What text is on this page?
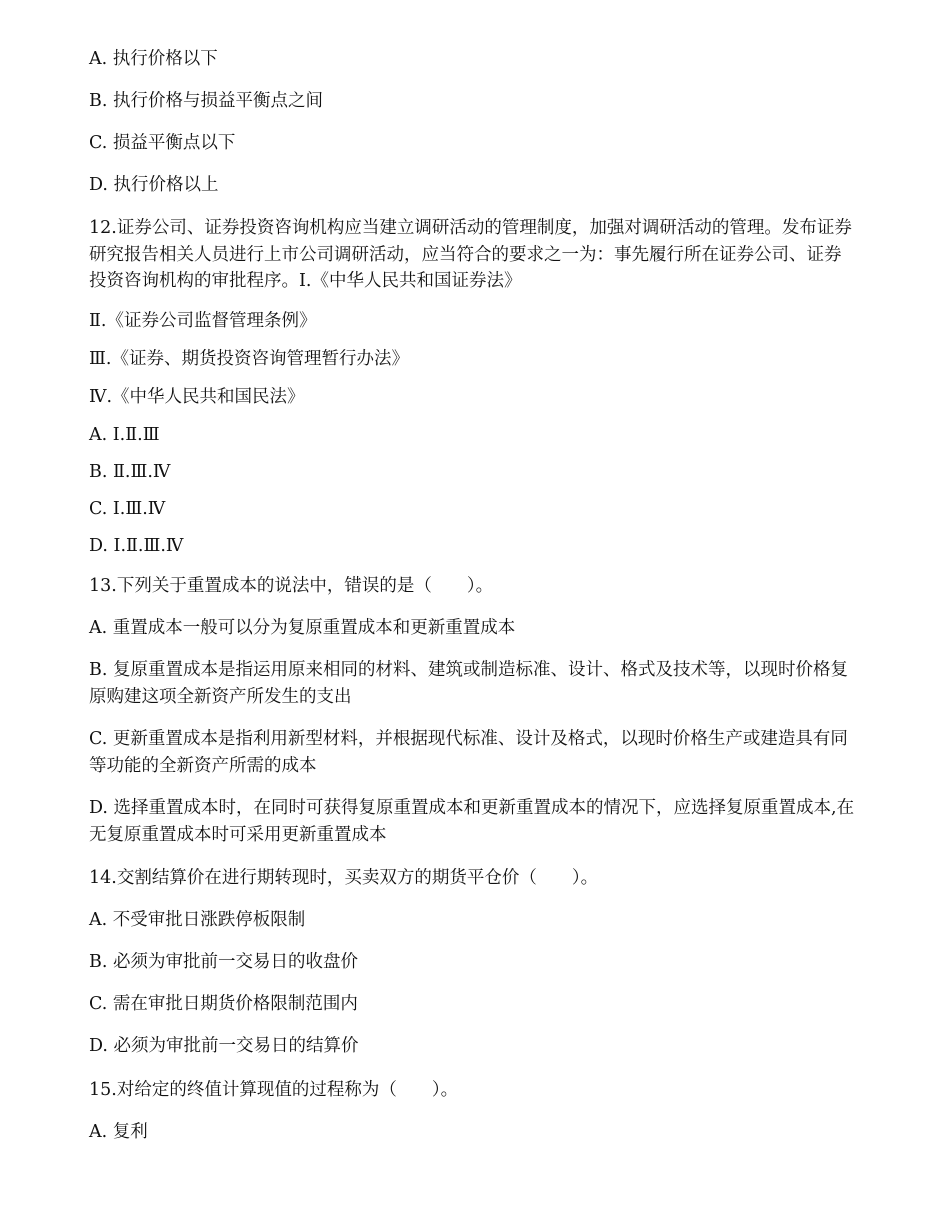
A. 执行价格以下
B. 执行价格与损益平衡点之间
C. 损益平衡点以下
D. 执行价格以上
12.证券公司、证券投资咨询机构应当建立调研活动的管理制度，加强对调研活动的管理。发布证券
研究报告相关人员进行上市公司调研活动，应当符合的要求之一为：事先履行所在证券公司、证券
投资咨询机构的审批程序。Ⅰ.《中华人民共和国证券法》
Ⅱ.《证券公司监督管理条例》
Ⅲ.《证券、期货投资咨询管理暂行办法》
Ⅳ.《中华人民共和国民法》
A. Ⅰ.Ⅱ.Ⅲ
B. Ⅱ.Ⅲ.Ⅳ
C. Ⅰ.Ⅲ.Ⅳ
D. Ⅰ.Ⅱ.Ⅲ.Ⅳ
13.下列关于重置成本的说法中，错误的是（　　）。
A. 重置成本一般可以分为复原重置成本和更新重置成本
B. 复原重置成本是指运用原来相同的材料、建筑或制造标准、设计、格式及技术等，以现时价格复
原购建这项全新资产所发生的支出
C. 更新重置成本是指利用新型材料，并根据现代标准、设计及格式，以现时价格生产或建造具有同
等功能的全新资产所需的成本
D. 选择重置成本时，在同时可获得复原重置成本和更新重置成本的情况下，应选择复原重置成本,在
无复原重置成本时可采用更新重置成本
14.交割结算价在进行期转现时，买卖双方的期货平仓价（　　）。
A. 不受审批日涨跌停板限制
B. 必须为审批前一交易日的收盘价
C. 需在审批日期货价格限制范围内
D. 必须为审批前一交易日的结算价
15.对给定的终值计算现值的过程称为（　　）。
A. 复利
